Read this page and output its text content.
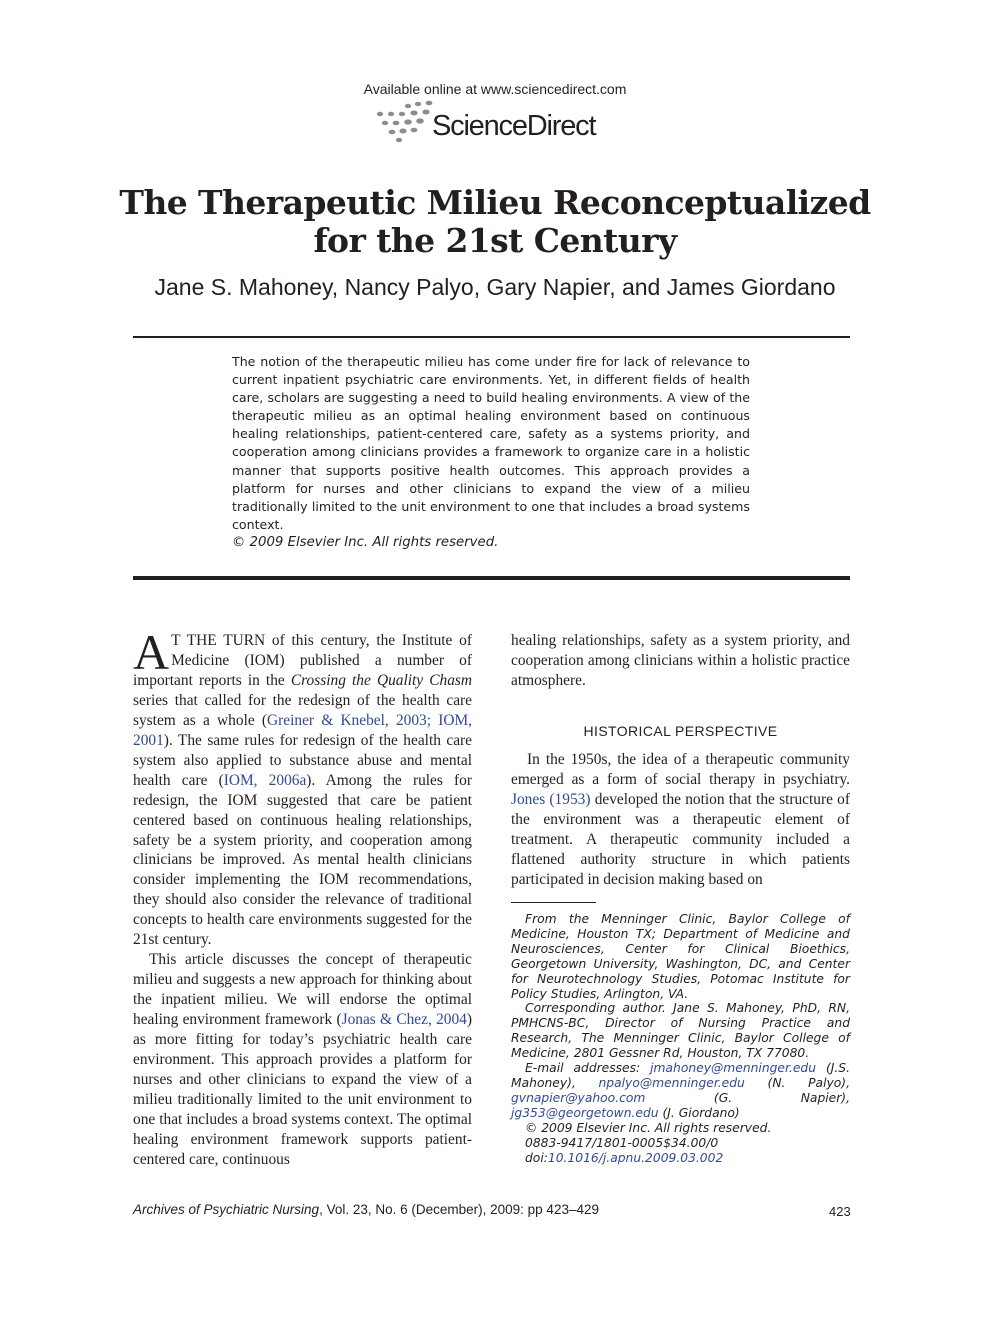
Available online at www.sciencedirect.com
ScienceDirect
The Therapeutic Milieu Reconceptualized
for the 21st Century
Jane S. Mahoney, Nancy Palyo, Gary Napier, and James Giordano
The notion of the therapeutic milieu has come under fire for lack of relevance to current inpatient psychiatric care environments. Yet, in different fields of health care, scholars are suggesting a need to build healing environments. A view of the therapeutic milieu as an optimal healing environment based on continuous healing relationships, patient-centered care, safety as a systems priority, and cooperation among clinicians provides a framework to organize care in a holistic manner that supports positive health outcomes. This approach provides a platform for nurses and other clinicians to expand the view of a milieu traditionally limited to the unit environment to one that includes a broad systems context.
© 2009 Elsevier Inc. All rights reserved.

A T THE TURN of this century, the Institute of Medicine (IOM) published a number of important reports in the Crossing the Quality Chasm series that called for the redesign of the health care system as a whole (Greiner & Knebel, 2003; IOM, 2001). The same rules for redesign of the health care system also applied to substance abuse and mental health care (IOM, 2006a). Among the rules for redesign, the IOM suggested that care be patient centered based on continuous healing relationships, safety be a system priority, and cooperation among clinicians be improved. As mental health clinicians consider implementing the IOM recommendations, they should also consider the relevance of traditional concepts to health care environments suggested for the 21st century.

This article discusses the concept of therapeutic milieu and suggests a new approach for thinking about the inpatient milieu. We will endorse the optimal healing environment framework (Jonas & Chez, 2004) as more fitting for today’s psychiatric health care environment. This approach provides a platform for nurses and other clinicians to expand the view of a milieu traditionally limited to the unit environment to one that includes a broad systems context. The optimal healing environment framework supports patient-centered care, continuous

healing relationships, safety as a system priority, and cooperation among clinicians within a holistic practice atmosphere.

HISTORICAL PERSPECTIVE

In the 1950s, the idea of a therapeutic community emerged as a form of social therapy in psychiatry. Jones (1953) developed the notion that the structure of the environment was a therapeutic element of treatment. A therapeutic community included a flattened authority structure in which patients participated in decision making based on

From the Menninger Clinic, Baylor College of Medicine, Houston TX; Department of Medicine and Neurosciences, Center for Clinical Bioethics, Georgetown University, Washington, DC, and Center for Neurotechnology Studies, Potomac Institute for Policy Studies, Arlington, VA.
Corresponding author. Jane S. Mahoney, PhD, RN, PMHCNS-BC, Director of Nursing Practice and Research, The Menninger Clinic, Baylor College of Medicine, 2801 Gessner Rd, Houston, TX 77080.
E-mail addresses: jmahoney@menninger.edu (J.S. Mahoney), npalyo@menninger.edu (N. Palyo), gvnapier@yahoo.com (G. Napier), jg353@georgetown.edu (J. Giordano)
© 2009 Elsevier Inc. All rights reserved.
0883-9417/1801-0005$34.00/0
doi:10.1016/j.apnu.2009.03.002
Archives of Psychiatric Nursing, Vol. 23, No. 6 (December), 2009: pp 423–429	423
